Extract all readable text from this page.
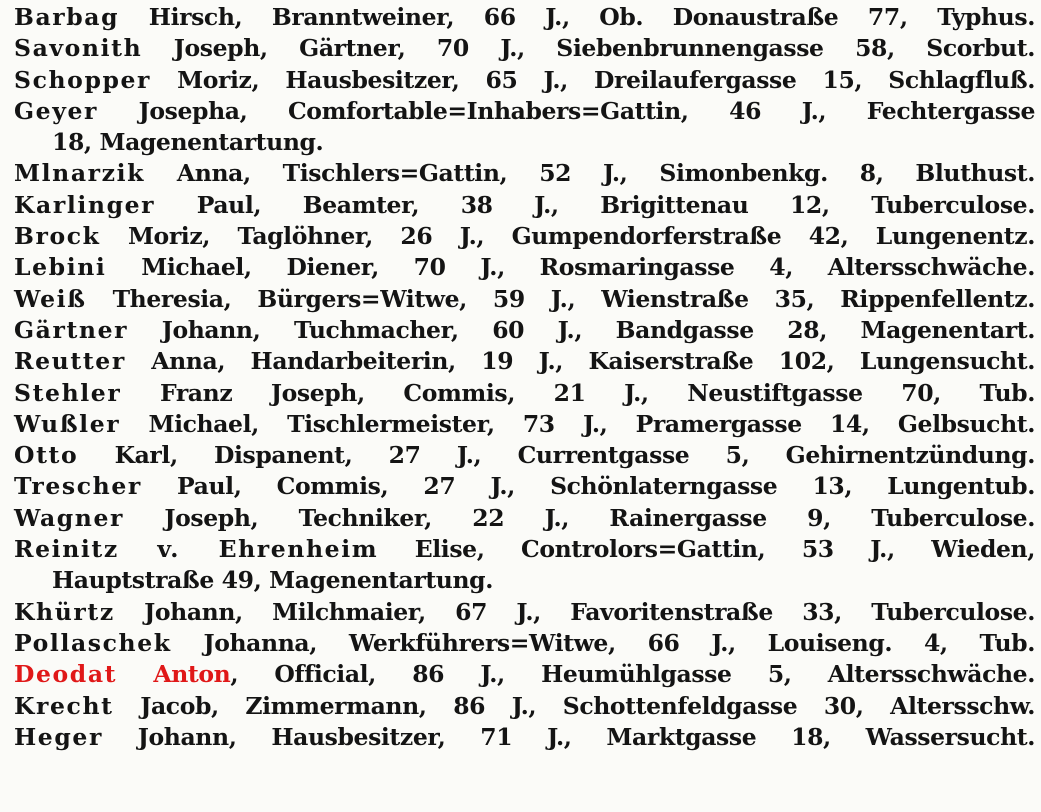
Barbag Hirsch, Branntweiner, 66 J., Ob. Donaustraße 77, Typhus.
Savonith Joseph, Gärtner, 70 J., Siebenbrunnengasse 58, Scorbut.
Schopper Moriz, Hausbesitzer, 65 J., Dreilaufergasse 15, Schlagfluß.
Geyer Josepha, Comfortable=Inhabers=Gattin, 46 J., Fechtergasse
18, Magenentartung.
Mlnarzik Anna, Tischlers=Gattin, 52 J., Simonbenkg. 8, Bluthust.
Karlinger Paul, Beamter, 38 J., Brigittenau 12, Tuberculose.
Brock Moriz, Taglöhner, 26 J., Gumpendorferstraße 42, Lungenentz.
Lebini Michael, Diener, 70 J., Rosmaringasse 4, Altersschwäche.
Weiß Theresia, Bürgers=Witwe, 59 J., Wienstraße 35, Rippenfellentz.
Gärtner Johann, Tuchmacher, 60 J., Bandgasse 28, Magenentart.
Reutter Anna, Handarbeiterin, 19 J., Kaiserstraße 102, Lungensucht.
Stehler Franz Joseph, Commis, 21 J., Neustiftgasse 70, Tub.
Wußler Michael, Tischlermeister, 73 J., Pramergasse 14, Gelbsucht.
Otto Karl, Dispanent, 27 J., Currentgasse 5, Gehirnentzündung.
Trescher Paul, Commis, 27 J., Schönlaterngasse 13, Lungentub.
Wagner Joseph, Techniker, 22 J., Rainergasse 9, Tuberculose.
Reinitz v. Ehrenheim Elise, Controlors=Gattin, 53 J., Wieden,
Hauptstraße 49, Magenentartung.
Khürtz Johann, Milchmaier, 67 J., Favoritenstraße 33, Tuberculose.
Pollaschek Johanna, Werkführers=Witwe, 66 J., Louiseng. 4, Tub.
Deodat Anton, Official, 86 J., Heumühlgasse 5, Altersschwäche.
Krecht Jacob, Zimmermann, 86 J., Schottenfeldgasse 30, Altersschw.
Heger Johann, Hausbesitzer, 71 J., Marktgasse 18, Wassersucht.
